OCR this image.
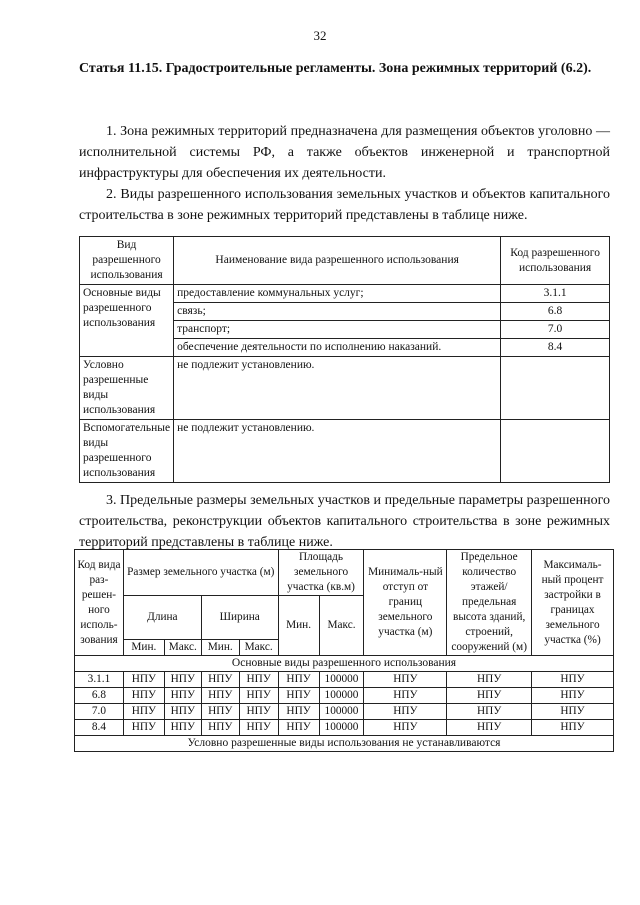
32
Статья 11.15. Градостроительные регламенты. Зона режимных территорий (6.2).
1. Зона режимных территорий предназначена для размещения объектов уголовно — исполнительной системы РФ, а также объектов инженерной и транспортной инфраструктуры для обеспечения их деятельности.
2. Виды разрешенного использования земельных участков и объектов капитального строительства в зоне режимных территорий представлены в таблице ниже.
Вид разрешенного использования	Наименование вида разрешенного использования	Код разрешенного использования
Основные виды разрешенного использования	предоставление коммунальных услуг;	3.1.1
	связь;	6.8
	транспорт;	7.0
	обеспечение деятельности по исполнению наказаний.	8.4
Условно разрешенные виды использования	не подлежит установлению.	
Вспомогательные виды разрешенного использования	не подлежит установлению.	
3. Предельные размеры земельных участков и предельные параметры разрешенного строительства, реконструкции объектов капитального строительства в зоне режимных территорий представлены в таблице ниже.
Код вида раз-решен-ного исполь-зования	Размер земельного участка (м)				Площадь земельного участка (кв.м)		Минималь-ный отступ от границ земельного участка (м)	Предельное количество этажей/ предельная высота зданий, строений, сооружений (м)	Максималь-ный процент застройки в границах земельного участка (%)
	Длина		Ширина		Мин.	Макс.			
	Мин.	Макс.	Мин.	Макс.					
Основные виды разрешенного использования									
3.1.1	НПУ	НПУ	НПУ	НПУ	НПУ	100000	НПУ	НПУ	НПУ
6.8	НПУ	НПУ	НПУ	НПУ	НПУ	100000	НПУ	НПУ	НПУ
7.0	НПУ	НПУ	НПУ	НПУ	НПУ	100000	НПУ	НПУ	НПУ
8.4	НПУ	НПУ	НПУ	НПУ	НПУ	100000	НПУ	НПУ	НПУ
Условно разрешенные виды использования не устанавливаются									
